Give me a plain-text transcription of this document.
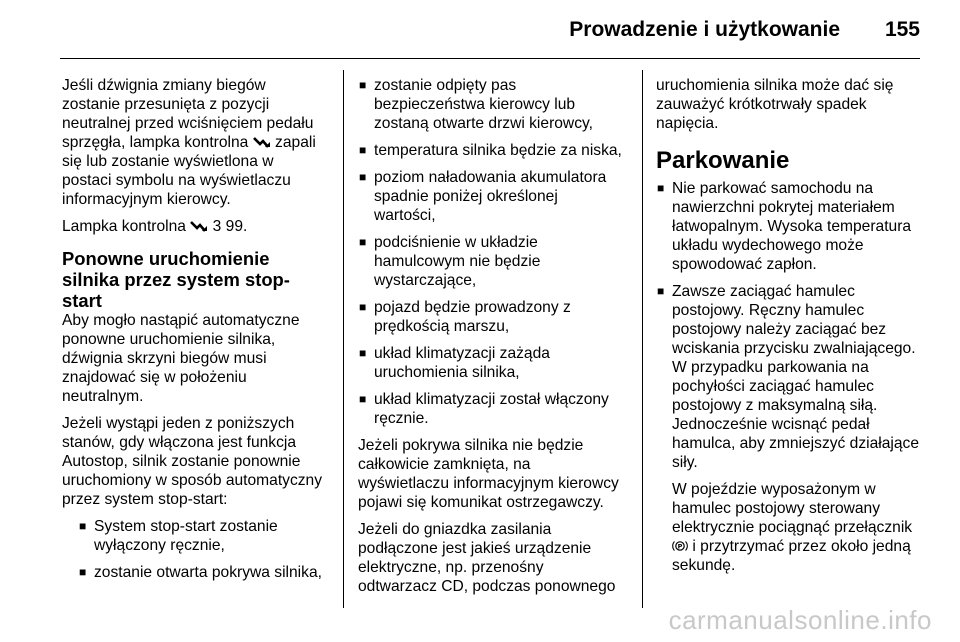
Prowadzenie i użytkowanie 155

Jeśli dźwignia zmiany biegów zostanie przesunięta z pozycji neutralnej przed wciśnięciem pedału sprzęgła, lampka kontrolna zapali się lub zostanie wyświetlona w postaci symbolu na wyświetlaczu informacyjnym kierowcy.

Lampka kontrolna 3 99.

Ponowne uruchomienie silnika przez system stop-start

Aby mogło nastąpić automatyczne ponowne uruchomienie silnika, dźwignia skrzyni biegów musi znajdować się w położeniu neutralnym.

Jeżeli wystąpi jeden z poniższych stanów, gdy włączona jest funkcja Autostop, silnik zostanie ponownie uruchomiony w sposób automatyczny przez system stop-start:

■ System stop-start zostanie wyłączony ręcznie,
■ zostanie otwarta pokrywa silnika,
■ zostanie odpięty pas bezpieczeństwa kierowcy lub zostaną otwarte drzwi kierowcy,
■ temperatura silnika będzie za niska,
■ poziom naładowania akumulatora spadnie poniżej określonej wartości,
■ podciśnienie w układzie hamulcowym nie będzie wystarczające,
■ pojazd będzie prowadzony z prędkością marszu,
■ układ klimatyzacji zażąda uruchomienia silnika,
■ układ klimatyzacji został włączony ręcznie.

Jeżeli pokrywa silnika nie będzie całkowicie zamknięta, na wyświetlaczu informacyjnym kierowcy pojawi się komunikat ostrzegawczy.

Jeżeli do gniazdka zasilania podłączone jest jakieś urządzenie elektryczne, np. przenośny odtwarzacz CD, podczas ponownego

uruchomienia silnika może dać się zauważyć krótkotrwały spadek napięcia.

Parkowanie
■ Nie parkować samochodu na nawierzchni pokrytej materiałem łatwopalnym. Wysoka temperatura układu wydechowego może spowodować zapłon.
■ Zawsze zaciągać hamulec postojowy. Ręczny hamulec postojowy należy zaciągać bez wciskania przycisku zwalniającego. W przypadku parkowania na pochyłości zaciągać hamulec postojowy z maksymalną siłą. Jednocześnie wcisnąć pedał hamulca, aby zmniejszyć działające siły.

W pojeździe wyposażonym w hamulec postojowy sterowany elektrycznie pociągnąć przełącznik
P i przytrzymać przez około jedną sekundę.

carmanualsonline.info
